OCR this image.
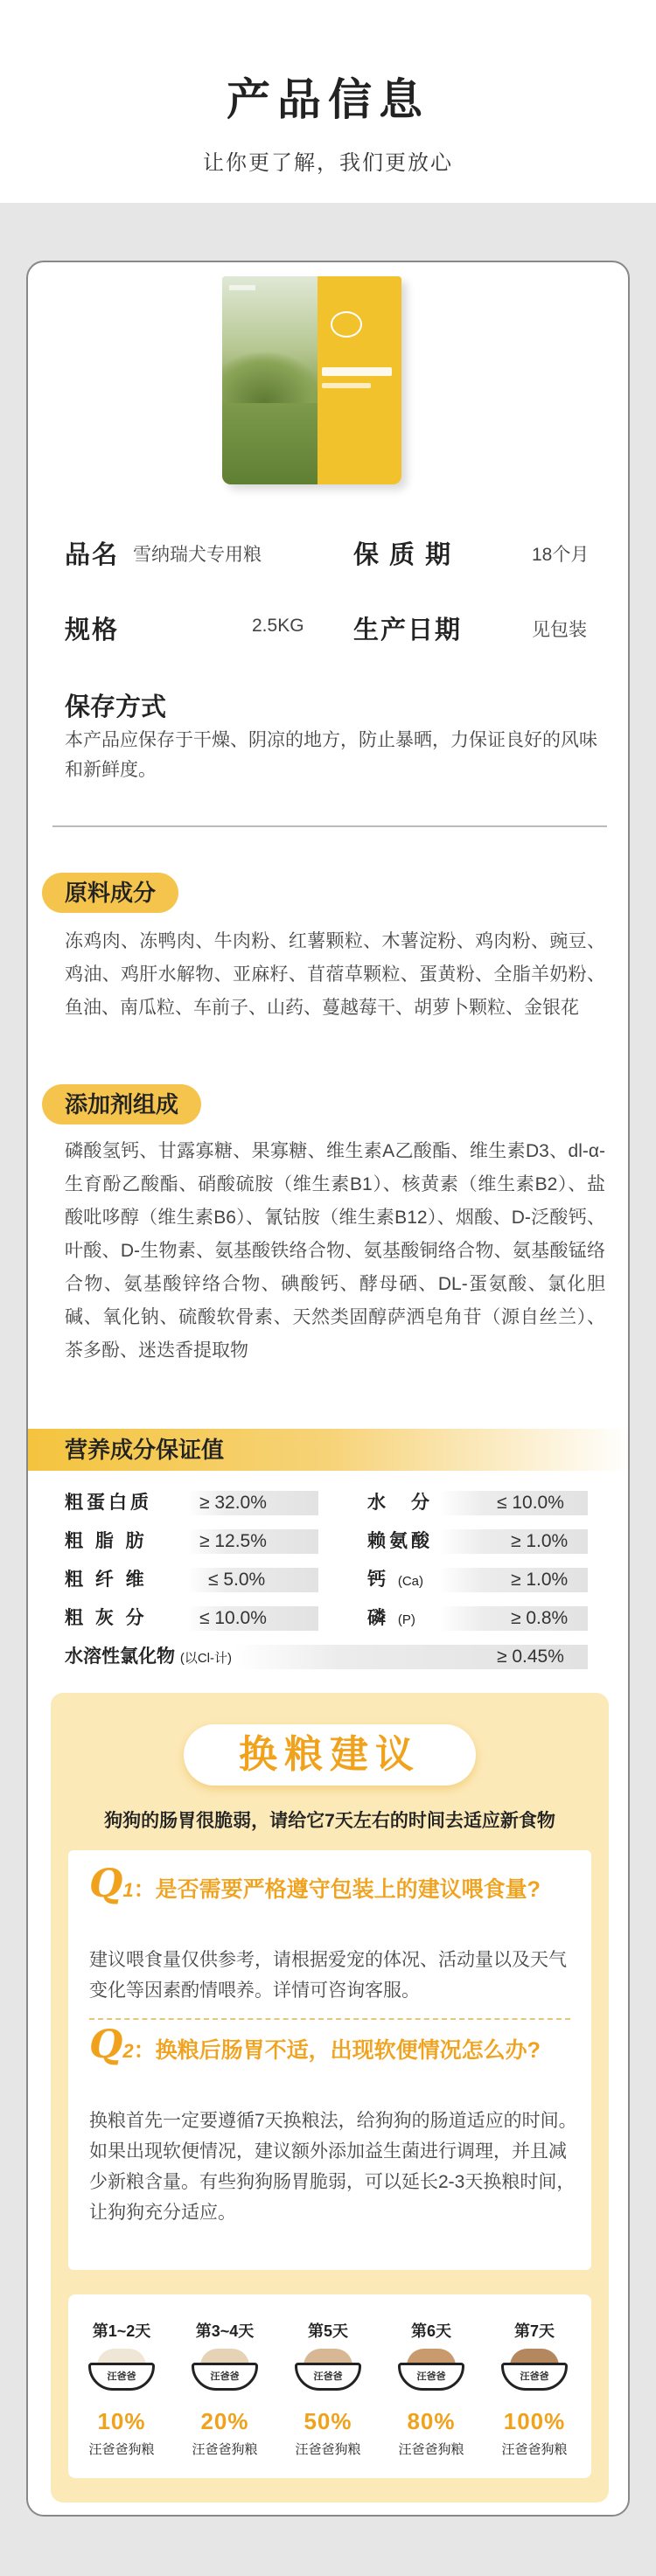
产品信息
让你更了解，我们更放心
品名 雪纳瑞犬专用粮	保 质 期	18个月
规格	2.5KG 生产日期	见包装
保存方式
本产品应保存于干燥、阴凉的地方，防止暴晒，力保证良好的风味和新鲜度。
原料成分
冻鸡肉、冻鸭肉、牛肉粉、红薯颗粒、木薯淀粉、鸡肉粉、豌豆、鸡油、鸡肝水解物、亚麻籽、苜蓿草颗粒、蛋黄粉、全脂羊奶粉、鱼油、南瓜粒、车前子、山药、蔓越莓干、胡萝卜颗粒、金银花
添加剂组成
磷酸氢钙、甘露寡糖、果寡糖、维生素A乙酸酯、维生素D3、dl-α-生育酚乙酸酯、硝酸硫胺（维生素B1）、核黄素（维生素B2）、盐酸吡哆醇（维生素B6）、氰钴胺（维生素B12）、烟酸、D-泛酸钙、叶酸、D-生物素、氨基酸铁络合物、氨基酸铜络合物、氨基酸锰络合物、氨基酸锌络合物、碘酸钙、酵母硒、DL-蛋氨酸、氯化胆碱、氧化钠、硫酸软骨素、天然类固醇萨洒皂角苷（源自丝兰）、茶多酚、迷迭香提取物
营养成分保证值
粗蛋白质	≥ 32.0%	水　分	≤ 10.0%
粗 脂 肪	≥ 12.5%	赖氨酸	≥ 1.0%
粗 纤 维	≤ 5.0%	钙 (Ca)	≥ 1.0%
粗 灰 分	≤ 10.0%	磷 (P)	≥ 0.8%
水溶性氯化物 (以Cl-计)	≥ 0.45%
换粮建议
狗狗的肠胃很脆弱，请给它7天左右的时间去适应新食物
Q1：是否需要严格遵守包装上的建议喂食量?
建议喂食量仅供参考，请根据爱宠的体况、活动量以及天气变化等因素酌情喂养。详情可咨询客服。
Q2：换粮后肠胃不适，出现软便情况怎么办?
换粮首先一定要遵循7天换粮法，给狗狗的肠道适应的时间。如果出现软便情况，建议额外添加益生菌进行调理，并且减少新粮含量。有些狗狗肠胃脆弱，可以延长2-3天换粮时间，让狗狗充分适应。
第1~2天
汪爸爸
10%
汪爸爸狗粮
第3~4天
汪爸爸
20%
汪爸爸狗粮
第5天
汪爸爸
50%
汪爸爸狗粮
第6天
汪爸爸
80%
汪爸爸狗粮
第7天
汪爸爸
100%
汪爸爸狗粮
